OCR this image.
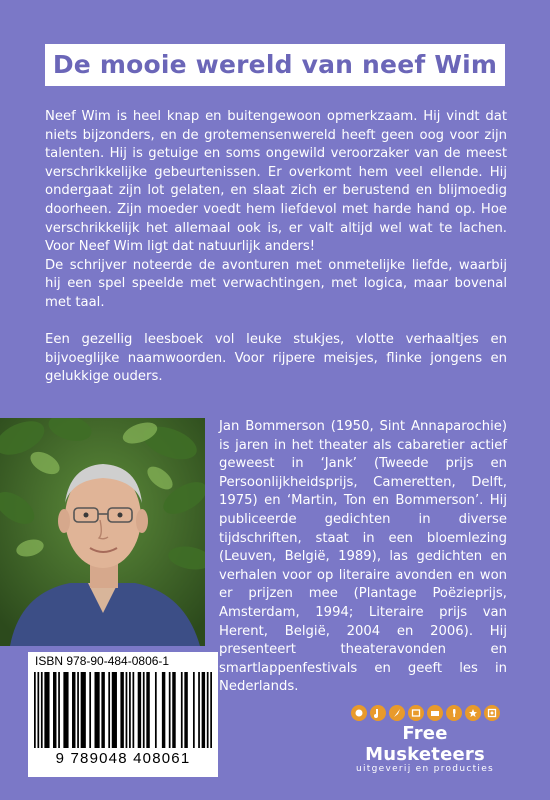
De mooie wereld van neef Wim

Neef Wim is heel knap en buitengewoon opmerkzaam. Hij vindt dat niets bijzonders, en de grotemensenwereld heeft geen oog voor zijn talenten. Hij is getuige en soms ongewild veroorzaker van de meest verschrikkelijke gebeurtenissen. Er overkomt hem veel ellende. Hij ondergaat zijn lot gelaten, en slaat zich er berustend en blijmoedig doorheen. Zijn moeder voedt hem liefdevol met harde hand op. Hoe verschrikkelijk het allemaal ook is, er valt altijd wel wat te lachen. Voor Neef Wim ligt dat natuurlijk anders!

De schrijver noteerde de avonturen met onmetelijke liefde, waarbij hij een spel speelde met verwachtingen, met logica, maar bovenal met taal.

Een gezellig leesboek vol leuke stukjes, vlotte verhaaltjes en bijvoeglijke naamwoorden. Voor rijpere meisjes, flinke jongens en gelukkige ouders.

Jan Bommerson (1950, Sint Annaparochie) is jaren in het theater als cabaretier actief geweest in ‘Jank’ (Tweede prijs en Persoonlijkheidsprijs, Cameretten, Delft, 1975) en ‘Martin, Ton en Bommerson’. Hij publiceerde gedichten in diverse tijdschriften, staat in een bloemlezing (Leuven, België, 1989), las gedichten en verhalen voor op literaire avonden en won er prijzen mee (Plantage Poëzieprijs, Amsterdam, 1994; Literaire prijs van Herent, België, 2004 en 2006). Hij presenteert theateravonden en smartlappenfestivals en geeft les in Nederlands.
ISBN 978-90-484-0806-1
9 789048 408061
Free Musketeers
uitgeverij en producties
